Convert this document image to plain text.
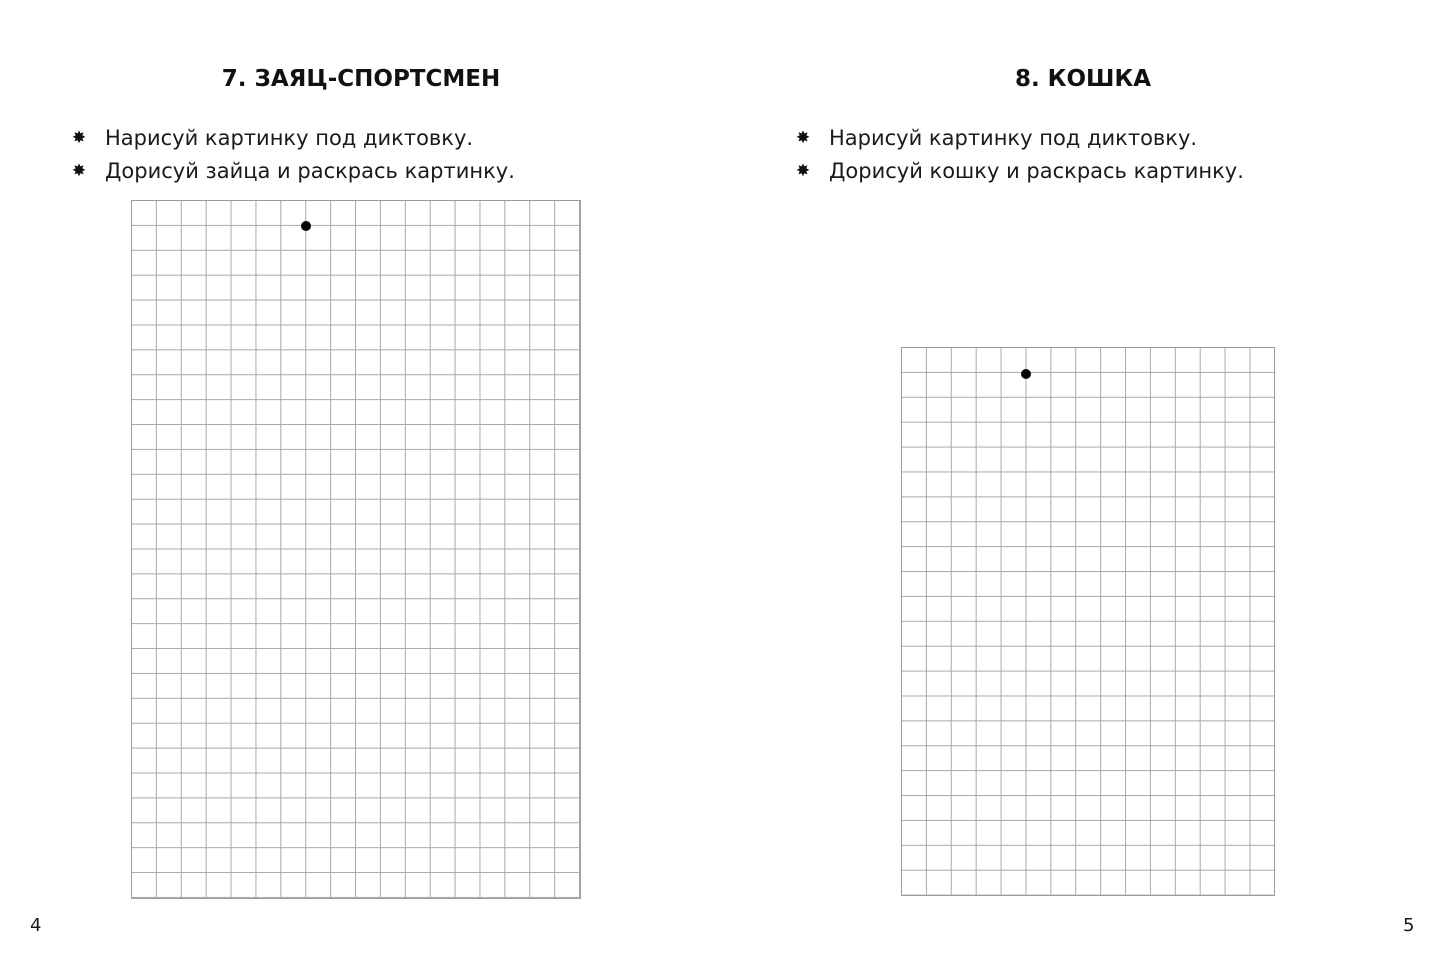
7. ЗАЯЦ-СПОРТСМЕН
✸ Нарисуй картинку под диктовку.
✸ Дорисуй зайца и раскрась картинку.
4
8. КОШКА
✸ Нарисуй картинку под диктовку.
✸ Дорисуй кошку и раскрась картинку.
5
